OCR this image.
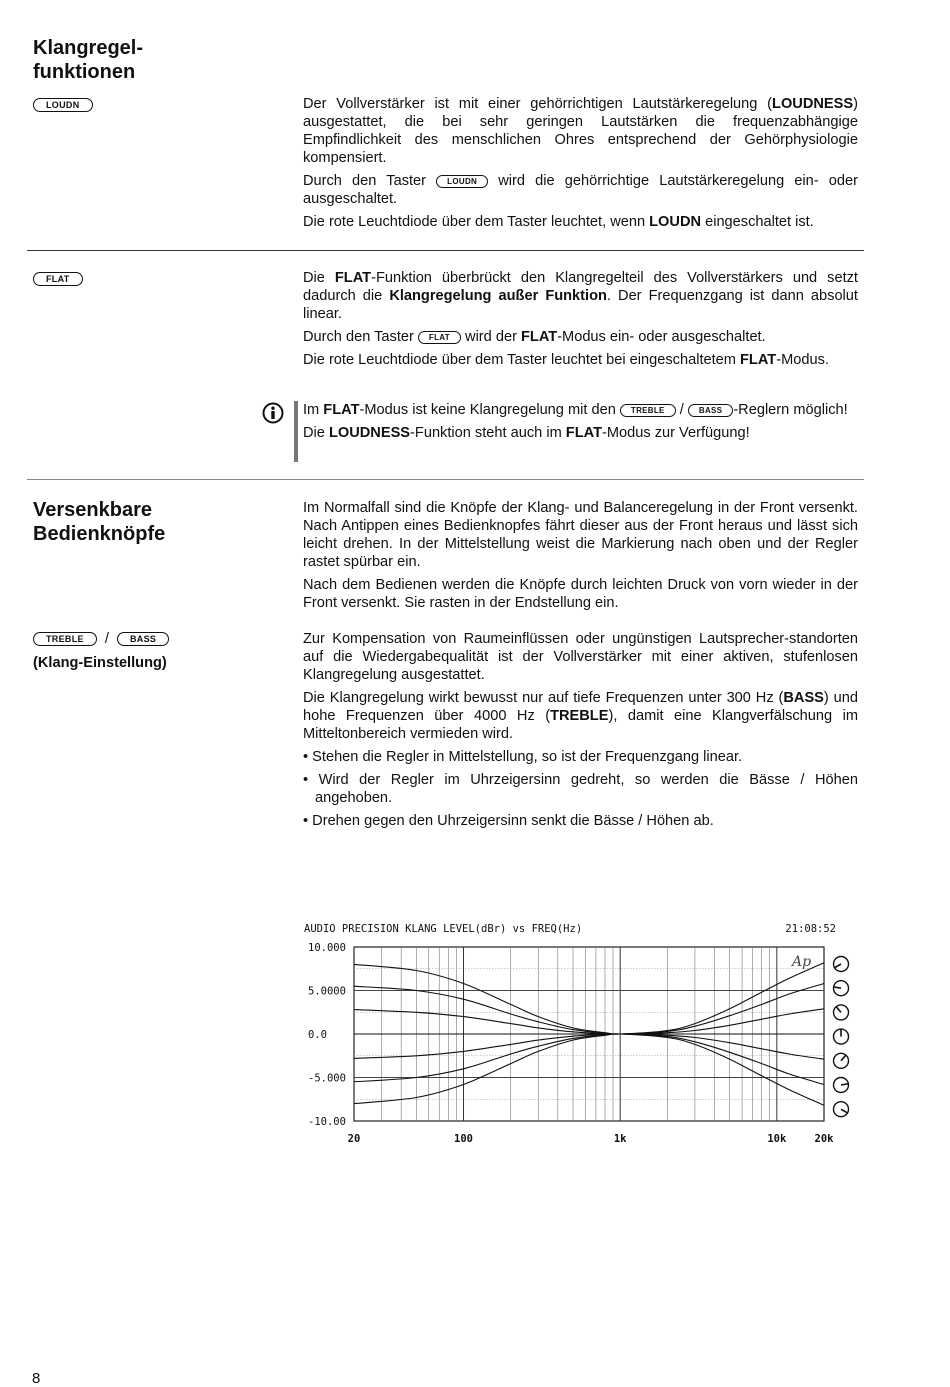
Klangregel-
funktionen
LOUDN	Der Vollverstärker ist mit einer gehörrichtigen Lautstärkeregelung (LOUDNESS) ausgestattet, die bei sehr geringen Lautstärken die frequenzabhängige Empfindlichkeit des menschlichen Ohres entsprechend der Gehörphysiologie kompensiert.

Durch den Taster LOUDN wird die gehörrichtige Lautstärkeregelung ein- oder ausgeschaltet.

Die rote Leuchtdiode über dem Taster leuchtet, wenn LOUDN eingeschaltet ist.

FLAT	Die FLAT-Funktion überbrückt den Klangregelteil des Vollverstärkers und setzt dadurch die Klangregelung außer Funktion. Der Frequenzgang ist dann absolut linear.

Durch den Taster FLAT wird der FLAT-Modus ein- oder ausgeschaltet.

Die rote Leuchtdiode über dem Taster leuchtet bei eingeschaltetem FLAT-Modus.

Im FLAT-Modus ist keine Klangregelung mit den TREBLE / BASS -Reglern möglich!

Die LOUDNESS-Funktion steht auch im FLAT-Modus zur Verfügung!

Versenkbare
Bedienknöpfe

Im Normalfall sind die Knöpfe der Klang- und Balanceregelung in der Front versenkt. Nach Antippen eines Bedienknopfes fährt dieser aus der Front heraus und lässt sich leicht drehen. In der Mittelstellung weist die Markierung nach oben und der Regler rastet spürbar ein.

Nach dem Bedienen werden die Knöpfe durch leichten Druck von vorn wieder in der Front versenkt. Sie rasten in der Endstellung ein.

TREBLE / BASS
(Klang-Einstellung)

Zur Kompensation von Raumeinflüssen oder ungünstigen Lautsprecher-standorten auf die Wiedergabequalität ist der Vollverstärker mit einer aktiven, stufenlosen Klangregelung ausgestattet.

Die Klangregelung wirkt bewusst nur auf tiefe Frequenzen unter 300 Hz (BASS) und hohe Frequenzen über 4000 Hz (TREBLE), damit eine Klangverfälschung im Mitteltonbereich vermieden wird.

• Stehen die Regler in Mittelstellung, so ist der Frequenzgang linear.

• Wird der Regler im Uhrzeigersinn gedreht, so werden die Bässe / Höhen angehoben.

• Drehen gegen den Uhrzeigersinn senkt die Bässe / Höhen ab.

AUDIO PRECISION KLANG LEVEL(dBr) vs FREQ(Hz)	21:08:52
10.000
5.0000
0.0
-5.000
-10.00
20	100	1k	10k	20k
Ap
8
